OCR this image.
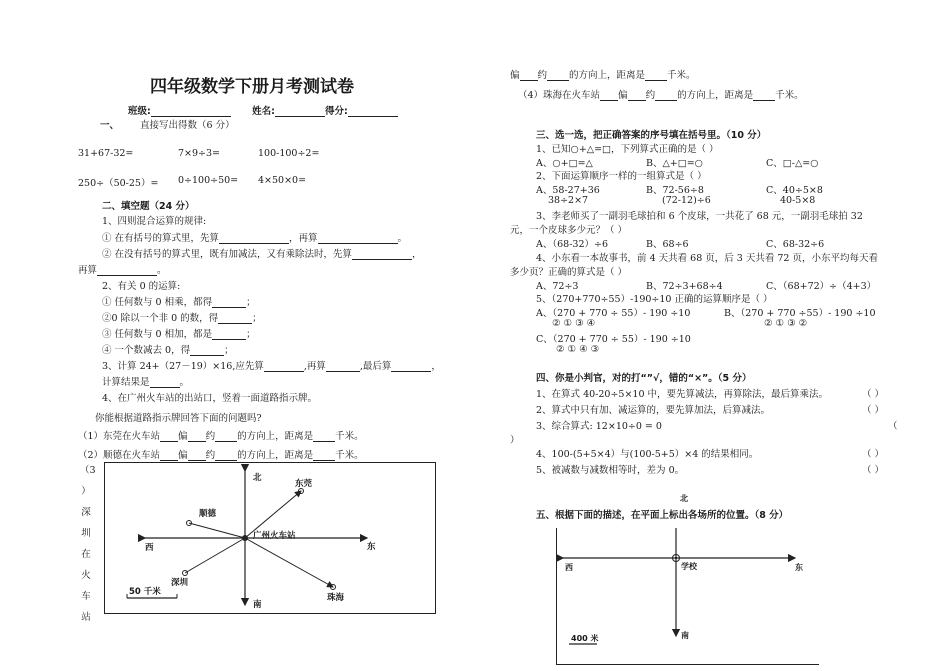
四年级数学下册月考测试卷
班级:	姓名:	得分:
一、 直接写出得数（6 分）
31+67-32=	7×9÷3=	100-100÷2=
250÷（50-25）= 0÷100÷50= 4×50×0=
二、填空题（24 分）
1、四则混合运算的规律:
① 在有括号的算式里，先算	，再算	。
② 在没有括号的算式里，既有加减法，又有乘除法时，先算	，
再算	。
2、有关 0 的运算:
① 任何数与 0 相乘，都得	；
②0 除以一个非 0 的数，得	；
③ 任何数与 0 相加，都是	；
④ 一个数减去 0，得	；
3、计算 24+（27－19）×16,应先算	,再算	,最后算	，
计算结果是	。
4、在广州火车站的出站口，竖着一面道路指示牌。
你能根据道路指示牌回答下面的问题吗?
（1）东莞在火车站 偏 约 的方向上，距离是 千米。
（2）顺德在火车站 偏 约 的方向上，距离是 千米。
（3
）
深
圳
在
火
车
站
北
南
东
西
广州火车站
东莞
顺德
深圳
珠海
50 千米
偏 约 的方向上，距离是 千米。
（4）珠海在火车站 偏 约 的方向上，距离是 千米。
三、选一选，把正确答案的序号填在括号里。（10 分）
1、已知○+△=□，下列算式正确的是（ ）
A、○+□=△	B、△+□=○	C、□-△=○
2、下面运算顺序一样的一组算式是（ ）
A、58-27+36	B、72-56÷8	C、40÷5×8
38÷2×7	(72-12)÷6	40-5×8
3、李老师买了一副羽毛球拍和 6 个皮球，一共花了 68 元，一副羽毛球拍 32
元，一个皮球多少元？（ ）
A、（68-32）÷6	B、68÷6	C、68-32÷6
4、小东看一本故事书，前 4 天共看 68 页，后 3 天共看 72 页，小东平均每天看
多少页？正确的算式是（ ）
A、72÷3	B、72÷3+68÷4	C、（68+72）÷（4+3）
5、（270+770÷55）-190÷10 正确的运算顺序是（ ）
A、（270 + 770 ÷ 55）- 190 ÷10	B、（270 + 770 ÷55）- 190 ÷10
② ① ③ ④	② ① ③ ②
C、（270 + 770 ÷ 55）- 190 ÷10
② ① ④ ③
四、你是小判官，对的打“”√，错的“×”。（5 分）
1、在算式 40-20÷5×10 中，要先算减法，再算除法，最后算乘法。	（ ）
2、算式中只有加、减运算的，要先算加法，后算减法。	（ ）
3、综合算式: 12×10÷0 = 0	（
）
4、100-(5+5×4）与(100-5+5）×4 的结果相同。	（ ）
5、被减数与减数相等时，差为 0。	（ ）
五、根据下面的描述，在平面上标出各场所的位置。（8 分）
西	东
南
学校
400 米
北
